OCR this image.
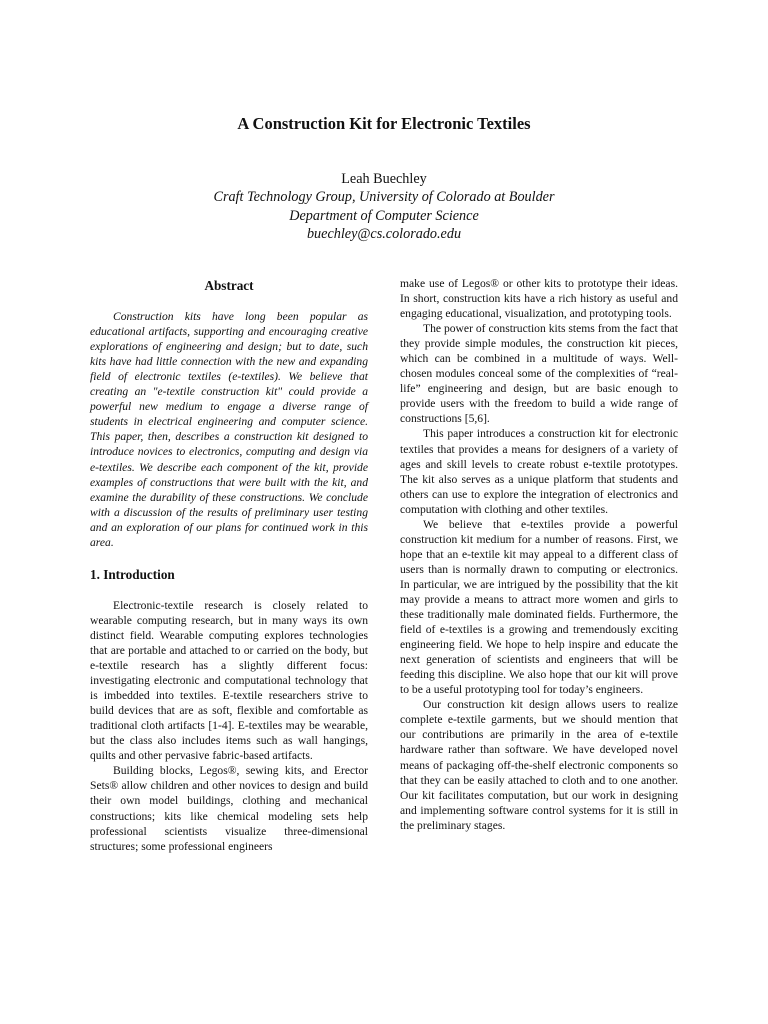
A Construction Kit for Electronic Textiles
Leah Buechley
Craft Technology Group, University of Colorado at Boulder
Department of Computer Science
buechley@cs.colorado.edu
Abstract

Construction kits have long been popular as educational artifacts, supporting and encouraging creative explorations of engineering and design; but to date, such kits have had little connection with the new and expanding field of electronic textiles (e-textiles). We believe that creating an "e-textile construction kit" could provide a powerful new medium to engage a diverse range of students in electrical engineering and computer science. This paper, then, describes a construction kit designed to introduce novices to electronics, computing and design via e-textiles. We describe each component of the kit, provide examples of constructions that were built with the kit, and examine the durability of these constructions. We conclude with a discussion of the results of preliminary user testing and an exploration of our plans for continued work in this area.

1. Introduction

Electronic-textile research is closely related to wearable computing research, but in many ways its own distinct field. Wearable computing explores technologies that are portable and attached to or carried on the body, but e-textile research has a slightly different focus: investigating electronic and computational technology that is imbedded into textiles. E-textile researchers strive to build devices that are as soft, flexible and comfortable as traditional cloth artifacts [1-4]. E-textiles may be wearable, but the class also includes items such as wall hangings, quilts and other pervasive fabric-based artifacts.

Building blocks, Legos®, sewing kits, and Erector Sets® allow children and other novices to design and build their own model buildings, clothing and mechanical constructions; kits like chemical modeling sets help professional scientists visualize three-dimensional structures; some professional engineers

make use of Legos® or other kits to prototype their ideas. In short, construction kits have a rich history as useful and engaging educational, visualization, and prototyping tools.

The power of construction kits stems from the fact that they provide simple modules, the construction kit pieces, which can be combined in a multitude of ways. Well-chosen modules conceal some of the complexities of “real-life” engineering and design, but are basic enough to provide users with the freedom to build a wide range of constructions [5,6].

This paper introduces a construction kit for electronic textiles that provides a means for designers of a variety of ages and skill levels to create robust e-textile prototypes. The kit also serves as a unique platform that students and others can use to explore the integration of electronics and computation with clothing and other textiles.

We believe that e-textiles provide a powerful construction kit medium for a number of reasons. First, we hope that an e-textile kit may appeal to a different class of users than is normally drawn to computing or electronics. In particular, we are intrigued by the possibility that the kit may provide a means to attract more women and girls to these traditionally male dominated fields. Furthermore, the field of e-textiles is a growing and tremendously exciting engineering field. We hope to help inspire and educate the next generation of scientists and engineers that will be feeding this discipline. We also hope that our kit will prove to be a useful prototyping tool for today’s engineers.

Our construction kit design allows users to realize complete e-textile garments, but we should mention that our contributions are primarily in the area of e-textile hardware rather than software. We have developed novel means of packaging off-the-shelf electronic components so that they can be easily attached to cloth and to one another. Our kit facilitates computation, but our work in designing and implementing software control systems for it is still in the preliminary stages.
